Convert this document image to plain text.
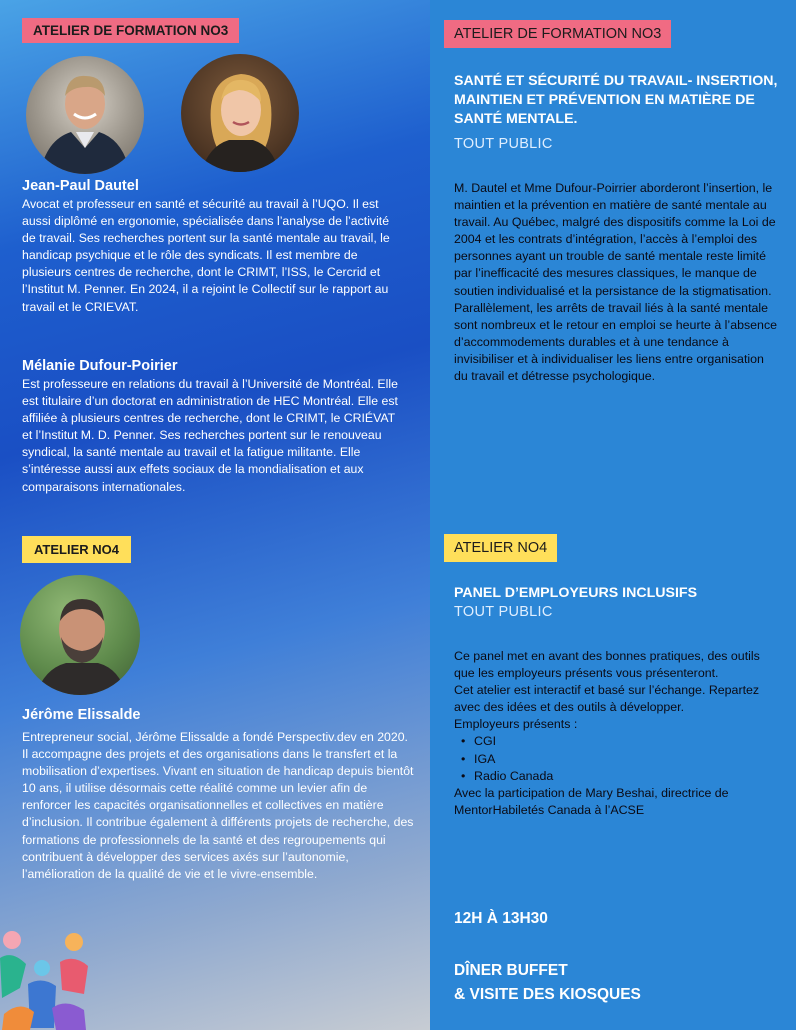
ATELIER DE FORMATION NO3
Jean-Paul Dautel
Avocat et professeur en santé et sécurité au travail à l’UQO. Il est aussi diplômé en ergonomie, spécialisée dans l’analyse de l’activité de travail. Ses recherches portent sur la santé mentale au travail, le handicap psychique et le rôle des syndicats. Il est membre de plusieurs centres de recherche, dont le CRIMT, l’ISS, le Cercrid et l’Institut M. Penner. En 2024, il a rejoint le Collectif sur le rapport au travail et le CRIEVAT.
Mélanie Dufour-Poirier
Est professeure en relations du travail à l’Université de Montréal. Elle est titulaire d’un doctorat en administration de HEC Montréal. Elle est affiliée à plusieurs centres de recherche, dont le CRIMT, le CRIÉVAT et l’Institut M. D. Penner. Ses recherches portent sur le renouveau syndical, la santé mentale au travail et la fatigue militante. Elle s’intéresse aussi aux effets sociaux de la mondialisation et aux comparaisons internationales.
ATELIER NO4
Jérôme Elissalde
Entrepreneur social, Jérôme Elissalde a fondé Perspectiv.dev en 2020. Il accompagne des projets et des organisations dans le transfert et la mobilisation d’expertises. Vivant en situation de handicap depuis bientôt 10 ans, il utilise désormais cette réalité comme un levier afin de renforcer les capacités organisationnelles et collectives en matière d’inclusion. Il contribue également à différents projets de recherche, des formations de professionnels de la santé et des regroupements qui contribuent à développer des services axés sur l’autonomie, l’amélioration de la qualité de vie et le vivre-ensemble.
ATELIER DE FORMATION NO3
SANTÉ ET SÉCURITÉ DU TRAVAIL- INSERTION, MAINTIEN ET PRÉVENTION EN MATIÈRE DE SANTÉ MENTALE.
TOUT PUBLIC

M. Dautel et Mme Dufour-Poirrier aborderont l’insertion, le maintien et la prévention en matière de santé mentale au travail. Au Québec, malgré des dispositifs comme la Loi de 2004 et les contrats d’intégration, l’accès à l’emploi des personnes ayant un trouble de santé mentale reste limité par l’inefficacité des mesures classiques, le manque de soutien individualisé et la persistance de la stigmatisation.

Parallèlement, les arrêts de travail liés à la santé mentale sont nombreux et le retour en emploi se heurte à l’absence d’accommodements durables et à une tendance à invisibiliser et à individualiser les liens entre organisation du travail et détresse psychologique.

ATELIER NO4
PANEL D’EMPLOYEURS INCLUSIFS
TOUT PUBLIC

Ce panel met en avant des bonnes pratiques, des outils que les employeurs présents vous présenteront.

Cet atelier est interactif et basé sur l’échange. Repartez avec des idées et des outils à développer.

Employeurs présents :

• CGI
• IGA
• Radio Canada

Avec la participation de Mary Beshai, directrice de MentorHabiletés Canada à l’ACSE

12H À 13H30
DÎNER BUFFET
& VISITE DES KIOSQUES
